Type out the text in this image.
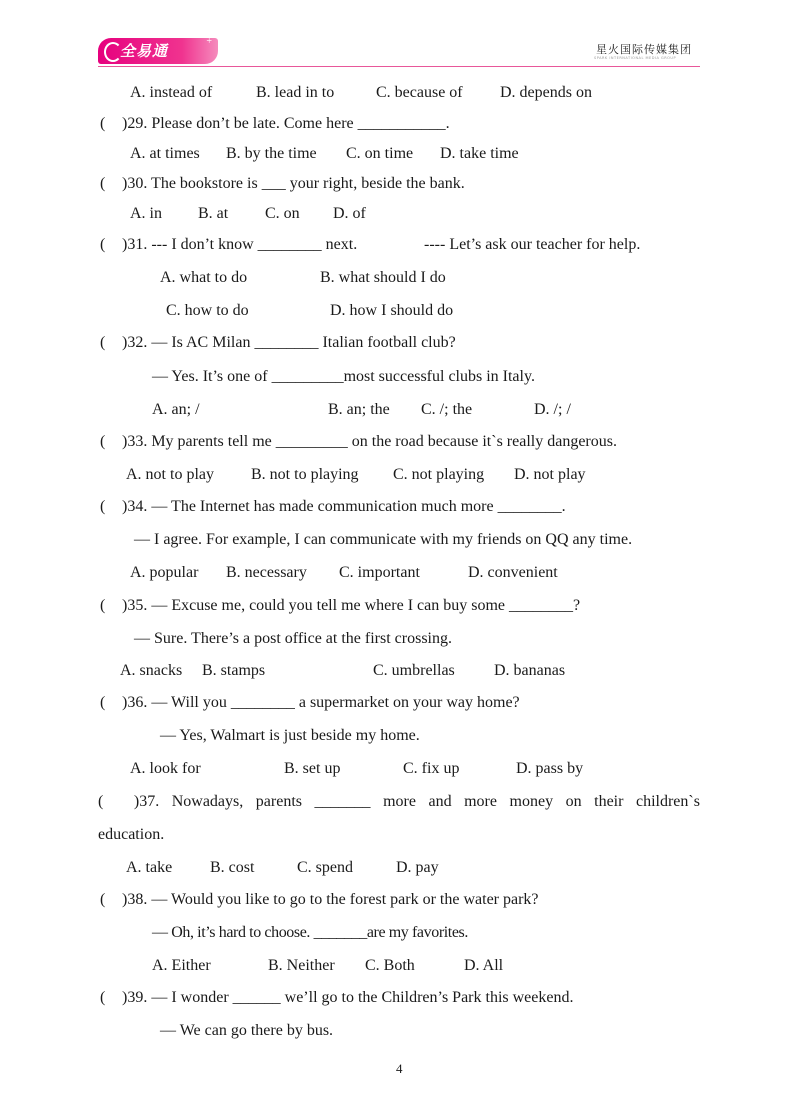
全易通
+
星火国际传媒集团
SPARK INTERNATIONAL MEDIA GROUP
A. instead of	B. lead in to	C. because of D. depends on
( )29. Please don’t be late. Come here ___________.
A. at times B. by the time C. on time D. take time
( )30. The bookstore is ___ your right, beside the bank.
A. in B. at C. on D. of
( )31. --- I don’t know ________ next.	---- Let’s ask our teacher for help.
A. what to do	B. what should I do
C. how to do	D. how I should do
( )32. — Is AC Milan ________ Italian football club?
— Yes. It’s one of _________most successful clubs in Italy.
A. an; /	B. an; the C. /; the	D. /; /
( )33. My parents tell me _________ on the road because it`s really dangerous.
A. not to play B. not to playing C. not playing D. not play
( )34. — The Internet has made communication much more ________.
— I agree. For example, I can communicate with my friends on QQ any time.
A. popular B. necessary C. important	D. convenient
( )35. — Excuse me, could you tell me where I can buy some ________?
— Sure. There’s a post office at the first crossing.
A. snacks B. stamps	C. umbrellas D. bananas
( )36. — Will you ________ a supermarket on your way home?
— Yes, Walmart is just beside my home.
A. look for	B. set up	C. fix up	D. pass by
( )37. Nowadays, parents _______ more and more money on their children`s
education.
A. take B. cost	C. spend	D. pay
( )38. — Would you like to go to the forest park or the water park?
— Oh, it’s hard to choose. _______are my favorites.
A. Either	B. Neither C. Both	D. All
( )39. — I wonder ______ we’ll go to the Children’s Park this weekend.
— We can go there by bus.
4
